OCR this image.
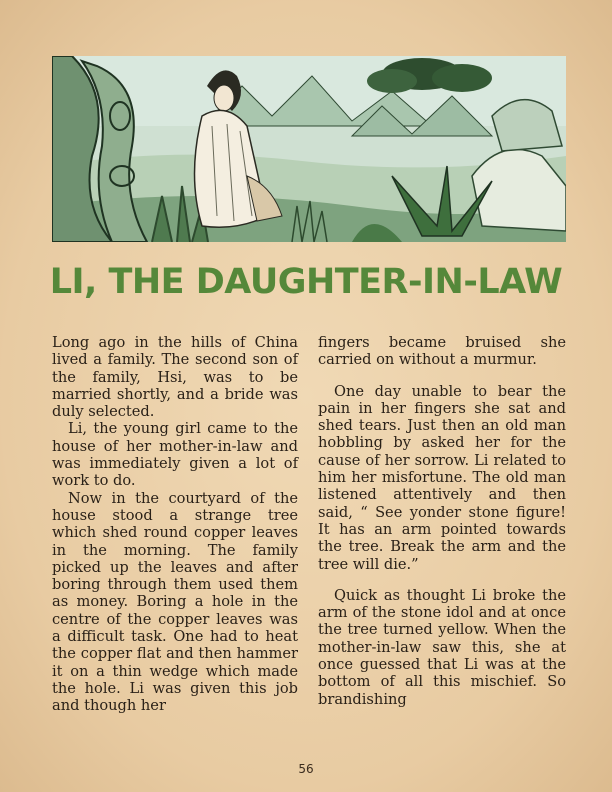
LI, THE DAUGHTER-IN-LAW

Long ago in the hills of China lived a family. The second son of the family, Hsi, was to be married shortly, and a bride was duly selected.

Li, the young girl came to the house of her mother-in-law and was immediately given a lot of work to do.

Now in the courtyard of the house stood a strange tree which shed round copper leaves in the morning. The family picked up the leaves and after boring through them used them as money. Boring a hole in the centre of the copper leaves was a difficult task. One had to heat the copper flat and then hammer it on a thin wedge which made the hole. Li was given this job and though her

fingers became bruised she carried on without a murmur.

One day unable to bear the pain in her fingers she sat and shed tears. Just then an old man hobbling by asked her for the cause of her sorrow. Li related to him her misfortune. The old man listened attentively and then said, “ See yonder stone figure! It has an arm pointed towards the tree. Break the arm and the tree will die.”

Quick as thought Li broke the arm of the stone idol and at once the tree turned yellow. When the mother-in-law saw this, she at once guessed that Li was at the bottom of all this mischief. So brandishing

56
